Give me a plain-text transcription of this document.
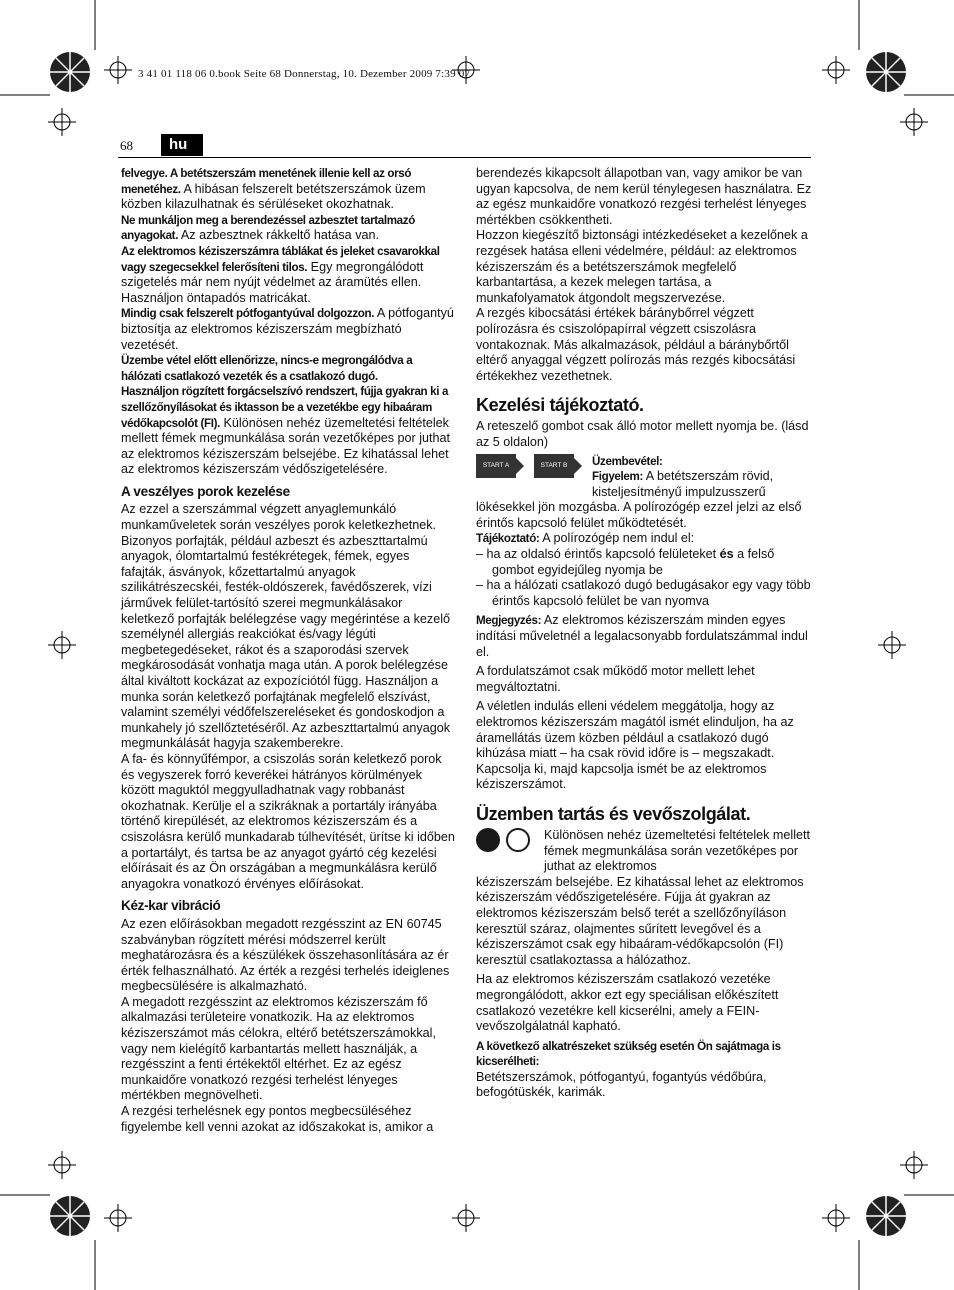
3 41 01 118 06 0.book Seite 68 Donnerstag, 10. Dezember 2009 7:39 07
68	hu

felvegye. A betétszerszám menetének illenie kell az orsó menetéhez. A hibásan felszerelt betétszerszámok üzem közben kilazulhatnak és sérüléseket okozhatnak.

Ne munkáljon meg a berendezéssel azbesztet tartalmazó anyagokat. Az azbesztnek rákkeltő hatása van.

Az elektromos kéziszerszámra táblákat és jeleket csavarokkal vagy szegecsekkel felerősíteni tilos. Egy megrongálódott szigetelés már nem nyújt védelmet az áramütés ellen. Használjon öntapadós matricákat.

Mindig csak felszerelt pótfogantyúval dolgozzon. A pótfogantyú biztosítja az elektromos kéziszerszám megbízható vezetését.

Üzembe vétel előtt ellenőrizze, nincs-e megrongálódva a hálózati csatlakozó vezeték és a csatlakozó dugó.

Használjon rögzített forgácselszívó rendszert, fújja gyakran ki a szellőzőnyílásokat és iktasson be a vezetékbe egy hibaáram védőkapcsolót (FI). Különösen nehéz üzemeltetési feltételek mellett fémek megmunkálása során vezetőképes por juthat az elektromos kéziszerszám belsejébe. Ez kihatással lehet az elektromos kéziszerszám védőszigetelésére.

A veszélyes porok kezelése

Az ezzel a szerszámmal végzett anyaglemunkáló munkaműveletek során veszélyes porok keletkezhetnek. Bizonyos porfajták, például azbeszt és azbeszttartalmú anyagok, ólomtartalmú festékrétegek, fémek, egyes fafajták, ásványok, kőzettartalmú anyagok szilikátrészecskéi, festék-oldószerek, favédőszerek, vízi járművek felület-tartósító szerei megmunkálásakor keletkező porfajták belélegzése vagy megérintése a kezelő személynél allergiás reakciókat és/vagy légúti megbetegedéseket, rákot és a szaporodási szervek megkárosodását vonhatja maga után. A porok belélegzése által kiváltott kockázat az expozíciótól függ. Használjon a munka során keletkező porfajtának megfelelő elszívást, valamint személyi védőfelszereléseket és gondoskodjon a munkahely jó szellőztetéséről. Az azbeszttartalmú anyagok megmunkálását hagyja szakemberekre.

A fa- és könnyűfémpor, a csiszolás során keletkező porok és vegyszerek forró keverékei hátrányos körülmények között maguktól meggyulladhatnak vagy robbanást okozhatnak. Kerülje el a szikráknak a portartály irányába történő kirepülését, az elektromos kéziszerszám és a csiszolásra kerülő munkadarab túlhevítését, ürítse ki időben a portartályt, és tartsa be az anyagot gyártó cég kezelési előírásait és az Ön országában a megmunkálásra kerülő anyagokra vonatkozó érvényes előírásokat.

Kéz-kar vibráció

Az ezen előírásokban megadott rezgésszint az EN 60745 szabványban rögzített mérési módszerrel került meghatározásra és a készülékek összehasonlítására az ér érték felhasználható. Az érték a rezgési terhelés ideiglenes megbecsülésére is alkalmazható.

A megadott rezgésszint az elektromos kéziszerszám fő alkalmazási területeire vonatkozik. Ha az elektromos kéziszerszámot más célokra, eltérő betétszerszámokkal, vagy nem kielégítő karbantartás mellett használják, a rezgésszint a fenti értékektől eltérhet. Ez az egész munkaidőre vonatkozó rezgési terhelést lényeges mértékben megnövelheti.

A rezgési terhelésnek egy pontos megbecsüléséhez figyelembe kell venni azokat az időszakokat is, amikor a

berendezés kikapcsolt állapotban van, vagy amikor be van ugyan kapcsolva, de nem kerül ténylegesen használatra. Ez az egész munkaidőre vonatkozó rezgési terhelést lényeges mértékben csökkentheti.

Hozzon kiegészítő biztonsági intézkedéseket a kezelőnek a rezgések hatása elleni védelmére, például: az elektromos kéziszerszám és a betétszerszámok megfelelő karbantartása, a kezek melegen tartása, a munkafolyamatok átgondolt megszervezése.

A rezgés kibocsátási értékek báránybőrrel végzett polírozásra és csiszolópapírral végzett csiszolásra vontakoznak. Más alkalmazások, például a báránybőrtől eltérő anyaggal végzett polírozás más rezgés kibocsátási értékekhez vezethetnek.

Kezelési tájékoztató.

A reteszelő gombot csak álló motor mellett nyomja be. (lásd az 5 oldalon)

START A	START B	Üzembevétel:
Figyelem: A betétszerszám rövid, kisteljesítményű impulzusszerű

lökésekkel jön mozgásba. A polírozógép ezzel jelzi az első érintős kapcsoló felület működtetését.

Tájékoztató: A polírozógép nem indul el:

– ha az oldalsó érintős kapcsoló felületeket és a felső gombot egyidejűleg nyomja be

– ha a hálózati csatlakozó dugó bedugásakor egy vagy több érintős kapcsoló felület be van nyomva

Megjegyzés: Az elektromos kéziszerszám minden egyes indítási műveletnél a legalacsonyabb fordulatszámmal indul el.

A fordulatszámot csak működő motor mellett lehet megváltoztatni.

A véletlen indulás elleni védelem meggátolja, hogy az elektromos kéziszerszám magától ismét elinduljon, ha az áramellátás üzem közben például a csatlakozó dugó kihúzása miatt – ha csak rövid időre is – megszakadt. Kapcsolja ki, majd kapcsolja ismét be az elektromos kéziszerszámot.

Üzemben tartás és vevőszolgálat.

Különösen nehéz üzemeltetési feltételek mellett fémek megmunkálása során vezetőképes por juthat az elektromos

kéziszerszám belsejébe. Ez kihatással lehet az elektromos kéziszerszám védőszigetelésére. Fújja át gyakran az elektromos kéziszerszám belső terét a szellőzőnyíláson keresztül száraz, olajmentes sűrített levegővel és a kéziszerszámot csak egy hibaáram-védőkapcsolón (FI) keresztül csatlakoztassa a hálózathoz.

Ha az elektromos kéziszerszám csatlakozó vezetéke megrongálódott, akkor ezt egy speciálisan előkészített csatlakozó vezetékre kell kicserélni, amely a FEIN-vevőszolgálatnál kapható.

A következő alkatrészeket szükség esetén Ön sajátmaga is kicserélheti:

Betétszerszámok, pótfogantyú, fogantyús védőbúra, befogótüskék, karimák.
